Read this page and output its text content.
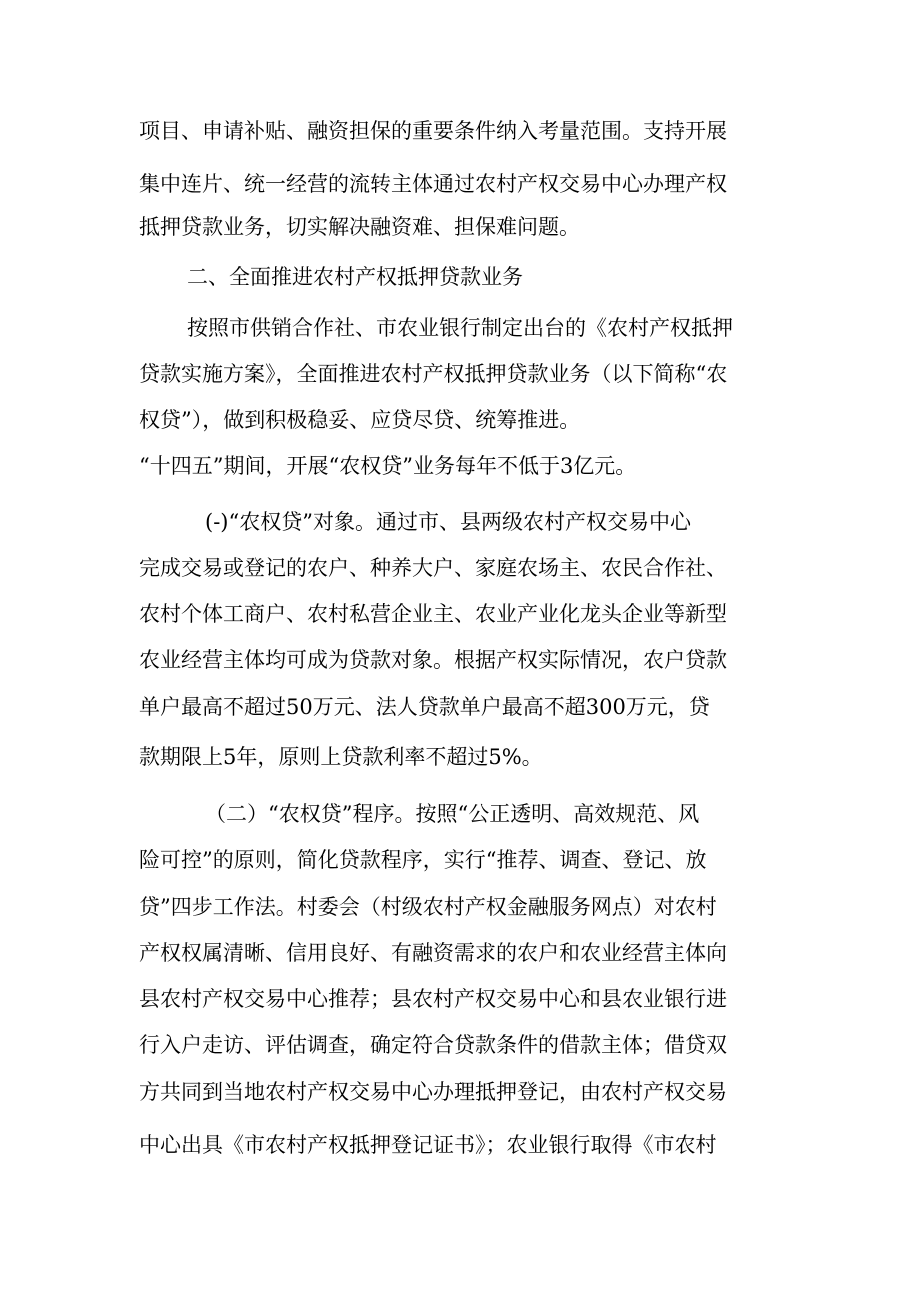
项目、申请补贴、融资担保的重要条件纳入考量范围。支持开展
集中连片、统一经营的流转主体通过农村产权交易中心办理产权
抵押贷款业务，切实解决融资难、担保难问题。
二、全面推进农村产权抵押贷款业务
按照市供销合作社、市农业银行制定出台的《农村产权抵押
贷款实施方案》，全面推进农村产权抵押贷款业务（以下简称“农
权贷”），做到积极稳妥、应贷尽贷、统筹推进。
“十四五”期间，开展“农权贷”业务每年不低于3亿元。
(-)“农权贷”对象。通过市、县两级农村产权交易中心
完成交易或登记的农户、种养大户、家庭农场主、农民合作社、
农村个体工商户、农村私营企业主、农业产业化龙头企业等新型
农业经营主体均可成为贷款对象。根据产权实际情况，农户贷款
单户最高不超过50万元、法人贷款单户最高不超300万元，贷
款期限上5年，原则上贷款利率不超过5%。
（二）“农权贷”程序。按照“公正透明、高效规范、风
险可控”的原则，简化贷款程序，实行“推荐、调查、登记、放
贷”四步工作法。村委会（村级农村产权金融服务网点）对农村
产权权属清晰、信用良好、有融资需求的农户和农业经营主体向
县农村产权交易中心推荐；县农村产权交易中心和县农业银行进
行入户走访、评估调查，确定符合贷款条件的借款主体；借贷双
方共同到当地农村产权交易中心办理抵押登记，由农村产权交易
中心出具《市农村产权抵押登记证书》；农业银行取得《市农村
